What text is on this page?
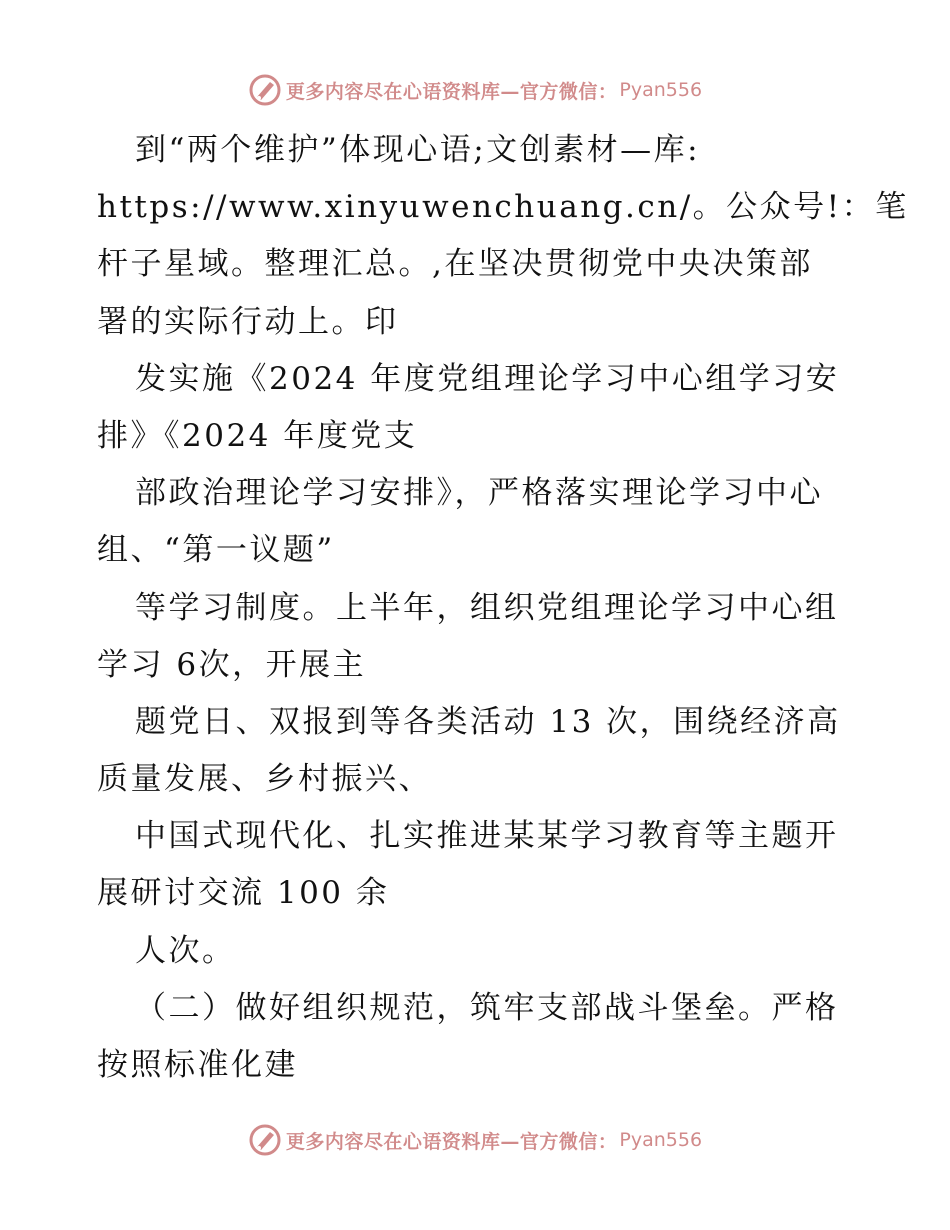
更多内容尽在心语资料库—官方微信： Pyan556
到“两个维护”体现心语;文创素材—库:
https://www.xinyuwenchuang.cn/。公众号!：笔
杆子星域。整理汇总。,在坚决贯彻党中央决策部
署的实际行动上。印
发实施《2024 年度党组理论学习中心组学习安
排》《2024 年度党支
部政治理论学习安排》，严格落实理论学习中心
组、“第一议题”
等学习制度。上半年，组织党组理论学习中心组
学习 6次，开展主
题党日、双报到等各类活动 13 次，围绕经济高
质量发展、乡村振兴、
中国式现代化、扎实推进某某学习教育等主题开
展研讨交流 100 余
人次。
（二）做好组织规范，筑牢支部战斗堡垒。严格
按照标准化建
更多内容尽在心语资料库—官方微信： Pyan556
